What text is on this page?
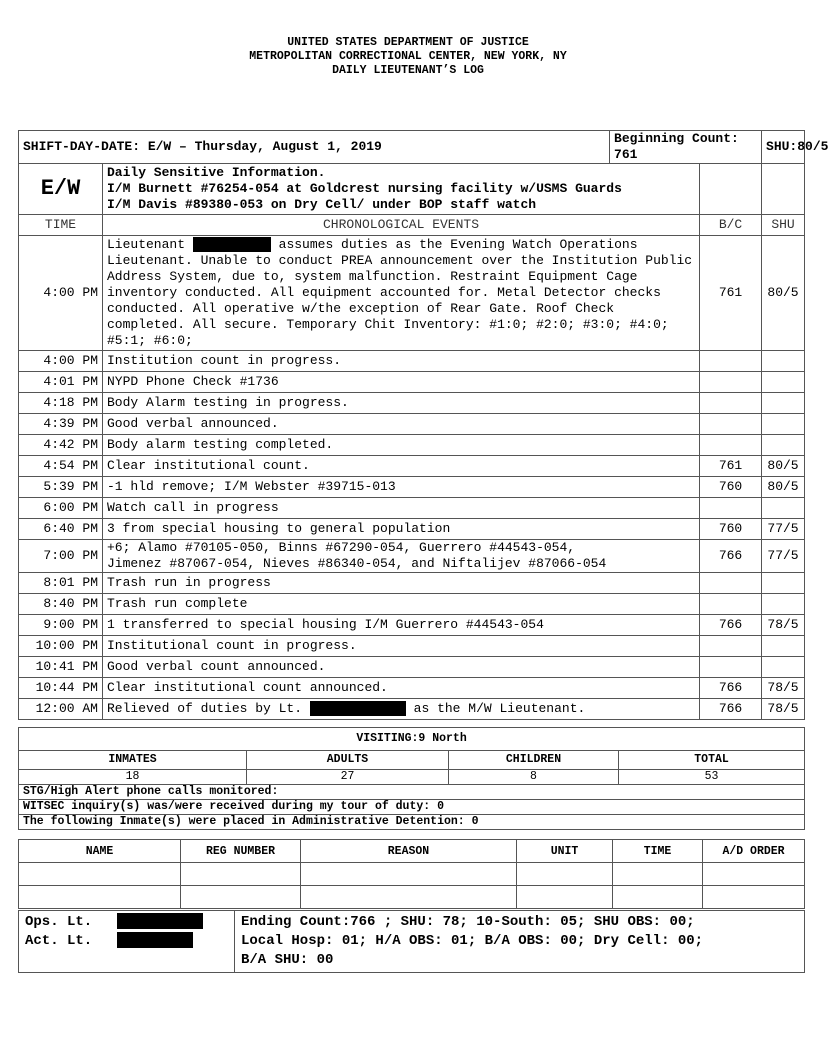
UNITED STATES DEPARTMENT OF JUSTICE
METROPOLITAN CORRECTIONAL CENTER, NEW YORK, NY
DAILY LIEUTENANT’S LOG
SHIFT-DAY-DATE: E/W – Thursday, August 1, 2019		Beginning Count: 761		SHU:80/5
E/W	Daily Sensitive Information.
I/M Burnett #76254-054 at Goldcrest nursing facility w/USMS Guards
I/M Davis #89380-053 on Dry Cell/ under BOP staff watch			

TIME	CHRONOLOGICAL EVENTS		B/C	SHU
4:00 PM	Lieutenant assumes duties as the Evening Watch Operations Lieutenant. Unable to conduct PREA announcement over the Institution Public Address System, due to, system malfunction. Restraint Equipment Cage inventory conducted. All equipment accounted for. Metal Detector checks conducted. All operative w/the exception of Rear Gate. Roof Check completed. All secure. Temporary Chit Inventory: #1:0; #2:0; #3:0; #4:0; #5:1; #6:0;		761	80/5
4:00 PM	Institution count in progress.			
4:01 PM	NYPD Phone Check #1736			
4:18 PM	Body Alarm testing in progress.			
4:39 PM	Good verbal announced.			
4:42 PM	Body alarm testing completed.			
4:54 PM	Clear institutional count.		761	80/5
5:39 PM	-1 hld remove; I/M Webster #39715-013		760	80/5
6:00 PM	Watch call in progress			
6:40 PM	3 from special housing to general population		760	77/5
7:00 PM	+6; Alamo #70105-050, Binns #67290-054, Guerrero #44543-054,
Jimenez #87067-054, Nieves #86340-054, and Niftalijev #87066-054		766	77/5
8:01 PM	Trash run in progress			
8:40 PM	Trash run complete			
9:00 PM	1 transferred to special housing I/M Guerrero #44543-054		766	78/5
10:00 PM	Institutional count in progress.			
10:41 PM	Good verbal count announced.			
10:44 PM	Clear institutional count announced.		766	78/5
12:00 AM	Relieved of duties by Lt. as the M/W Lieutenant.		766	78/5
VISITING:9 North			
INMATES	ADULTS	CHILDREN	TOTAL
18	27	8	53
STG/High Alert phone calls monitored:			
WITSEC inquiry(s) was/were received during my tour of duty: 0			
The following Inmate(s) were placed in Administrative Detention: 0			
NAME	REG NUMBER	REASON	UNIT	TIME	A/D ORDER

Ops. Lt.
Act. Lt.

Ending Count:766 ; SHU: 78; 10-South: 05; SHU OBS: 00;
Local Hosp: 01; H/A OBS: 01; B/A OBS: 00; Dry Cell: 00;
B/A SHU: 00
